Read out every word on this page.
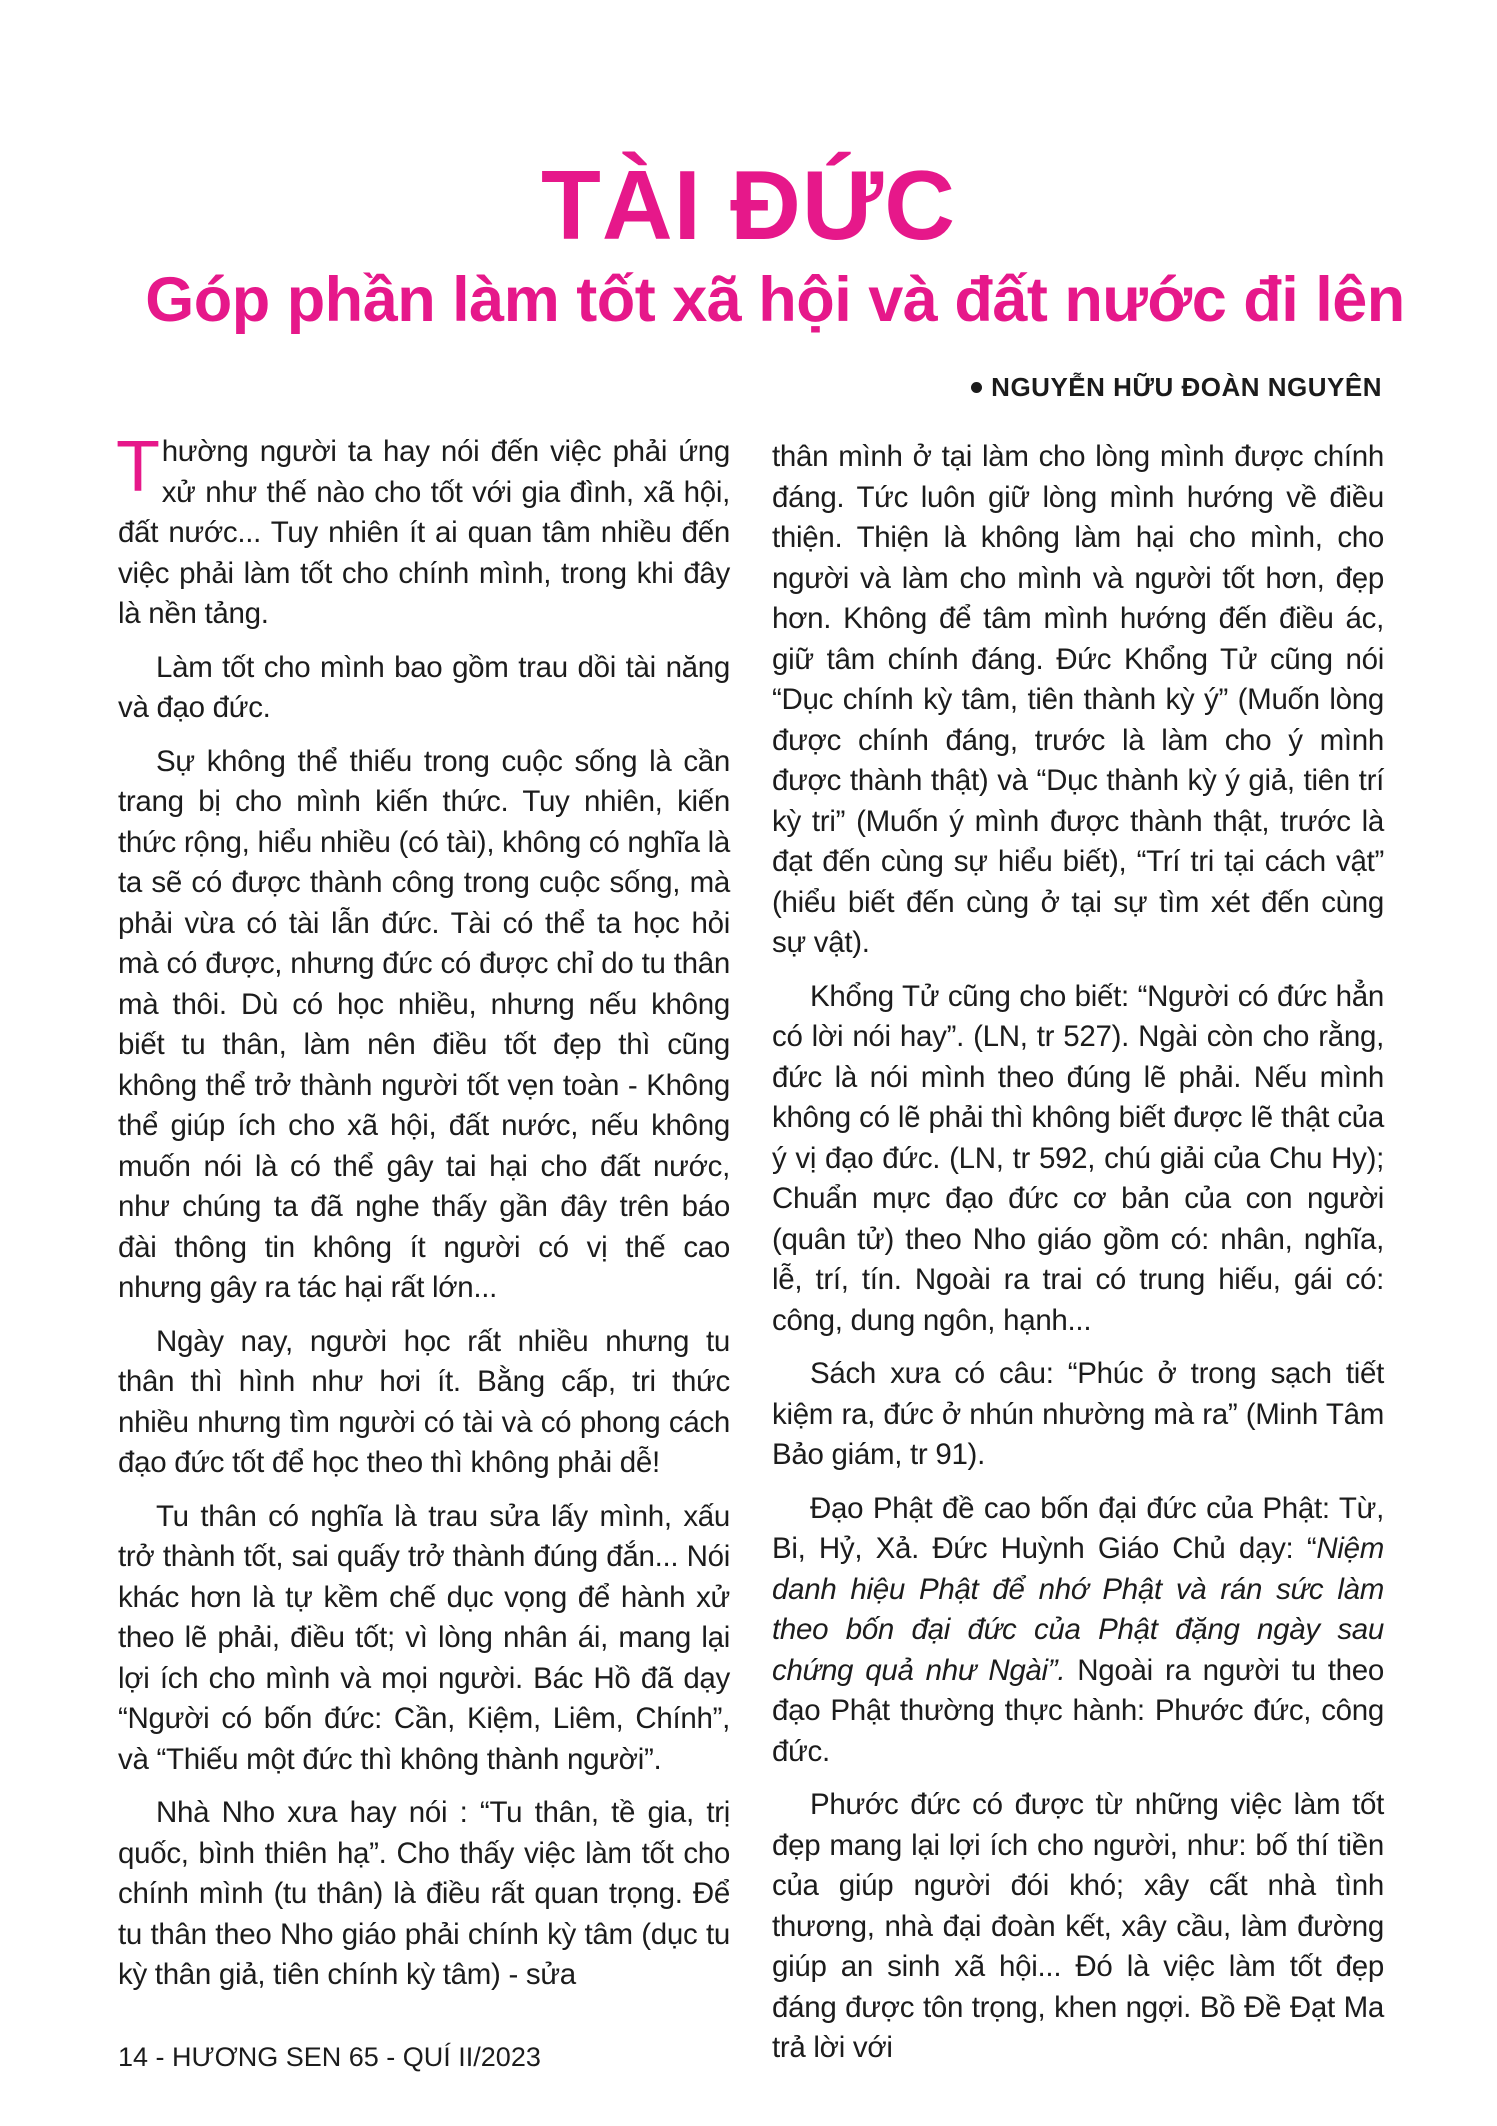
TÀI ĐỨC
Góp phần làm tốt xã hội và đất nước đi lên
NGUYỄN HỮU ĐOÀN NGUYÊN

Thường người ta hay nói đến việc phải ứng xử như thế nào cho tốt với gia đình, xã hội, đất nước... Tuy nhiên ít ai quan tâm nhiều đến việc phải làm tốt cho chính mình, trong khi đây là nền tảng.

Làm tốt cho mình bao gồm trau dồi tài năng và đạo đức.

Sự không thể thiếu trong cuộc sống là cần trang bị cho mình kiến thức. Tuy nhiên, kiến thức rộng, hiểu nhiều (có tài), không có nghĩa là ta sẽ có được thành công trong cuộc sống, mà phải vừa có tài lẫn đức. Tài có thể ta học hỏi mà có được, nhưng đức có được chỉ do tu thân mà thôi. Dù có học nhiều, nhưng nếu không biết tu thân, làm nên điều tốt đẹp thì cũng không thể trở thành người tốt vẹn toàn - Không thể giúp ích cho xã hội, đất nước, nếu không muốn nói là có thể gây tai hại cho đất nước, như chúng ta đã nghe thấy gần đây trên báo đài thông tin không ít người có vị thế cao nhưng gây ra tác hại rất lớn...

Ngày nay, người học rất nhiều nhưng tu thân thì hình như hơi ít. Bằng cấp, tri thức nhiều nhưng tìm người có tài và có phong cách đạo đức tốt để học theo thì không phải dễ!

Tu thân có nghĩa là trau sửa lấy mình, xấu trở thành tốt, sai quấy trở thành đúng đắn... Nói khác hơn là tự kềm chế dục vọng để hành xử theo lẽ phải, điều tốt; vì lòng nhân ái, mang lại lợi ích cho mình và mọi người. Bác Hồ đã dạy “Người có bốn đức: Cần, Kiệm, Liêm, Chính”, và “Thiếu một đức thì không thành người”.

Nhà Nho xưa hay nói : “Tu thân, tề gia, trị quốc, bình thiên hạ”. Cho thấy việc làm tốt cho chính mình (tu thân) là điều rất quan trọng. Để tu thân theo Nho giáo phải chính kỳ tâm (dục tu kỳ thân giả, tiên chính kỳ tâm) - sửa

thân mình ở tại làm cho lòng mình được chính đáng. Tức luôn giữ lòng mình hướng về điều thiện. Thiện là không làm hại cho mình, cho người và làm cho mình và người tốt hơn, đẹp hơn. Không để tâm mình hướng đến điều ác, giữ tâm chính đáng. Đức Khổng Tử cũng nói “Dục chính kỳ tâm, tiên thành kỳ ý” (Muốn lòng được chính đáng, trước là làm cho ý mình được thành thật) và “Dục thành kỳ ý giả, tiên trí kỳ tri” (Muốn ý mình được thành thật, trước là đạt đến cùng sự hiểu biết), “Trí tri tại cách vật” (hiểu biết đến cùng ở tại sự tìm xét đến cùng sự vật).

Khổng Tử cũng cho biết: “Người có đức hẳn có lời nói hay”. (LN, tr 527). Ngài còn cho rằng, đức là nói mình theo đúng lẽ phải. Nếu mình không có lẽ phải thì không biết được lẽ thật của ý vị đạo đức. (LN, tr 592, chú giải của Chu Hy); Chuẩn mực đạo đức cơ bản của con người (quân tử) theo Nho giáo gồm có: nhân, nghĩa, lễ, trí, tín. Ngoài ra trai có trung hiếu, gái có: công, dung ngôn, hạnh...

Sách xưa có câu: “Phúc ở trong sạch tiết kiệm ra, đức ở nhún nhường mà ra” (Minh Tâm Bảo giám, tr 91).

Đạo Phật đề cao bốn đại đức của Phật: Từ, Bi, Hỷ, Xả. Đức Huỳnh Giáo Chủ dạy: “Niệm danh hiệu Phật để nhớ Phật và rán sức làm theo bốn đại đức của Phật đặng ngày sau chứng quả như Ngài”. Ngoài ra người tu theo đạo Phật thường thực hành: Phước đức, công đức.

Phước đức có được từ những việc làm tốt đẹp mang lại lợi ích cho người, như: bố thí tiền của giúp người đói khó; xây cất nhà tình thương, nhà đại đoàn kết, xây cầu, làm đường giúp an sinh xã hội... Đó là việc làm tốt đẹp đáng được tôn trọng, khen ngợi. Bồ Đề Đạt Ma trả lời với

14 - HƯƠNG SEN 65 - QUÍ II/2023
